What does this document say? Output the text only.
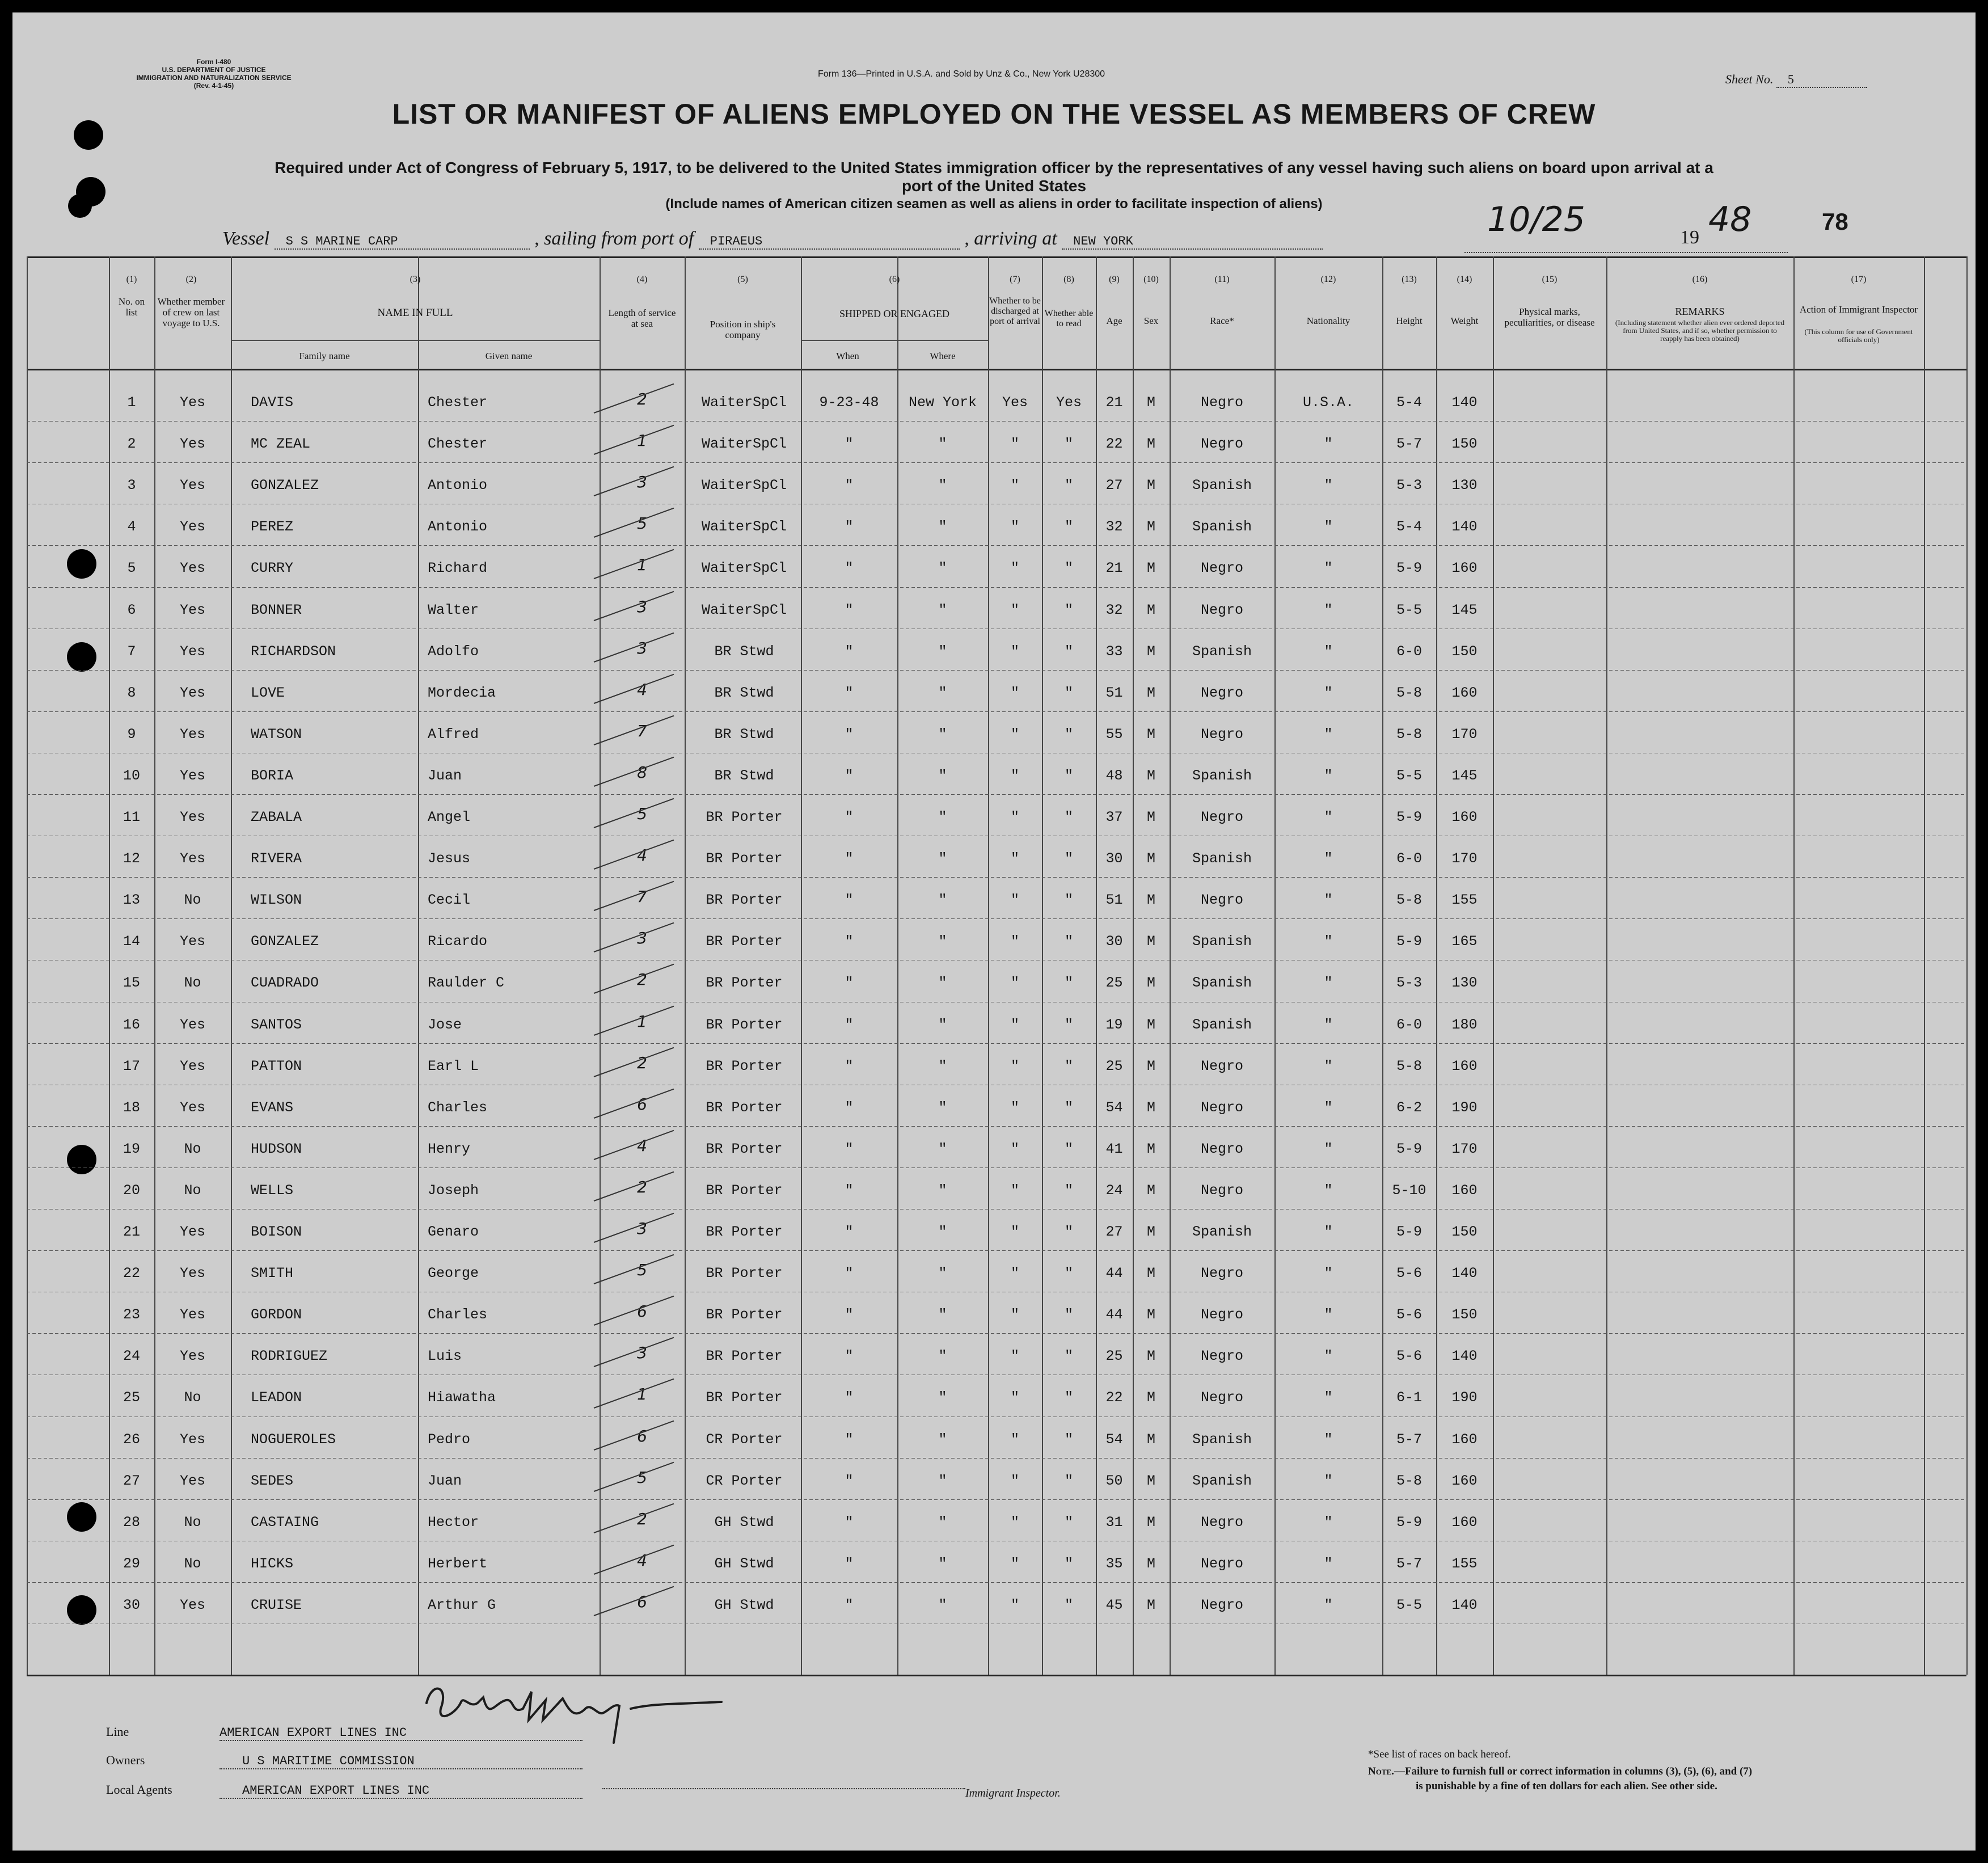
Form I-480
U.S. DEPARTMENT OF JUSTICE
IMMIGRATION AND NATURALIZATION SERVICE
(Rev. 4-1-45)
Form 136—Printed in U.S.A. and Sold by Unz & Co., New York U28300	Sheet No. 5
LIST OR MANIFEST OF ALIENS EMPLOYED ON THE VESSEL AS MEMBERS OF CREW
Required under Act of Congress of February 5, 1917, to be delivered to the United States immigration officer by the representatives of any vessel having such aliens on board upon arrival at a
port of the United States
(Include names of American citizen seamen as well as aliens in order to facilitate inspection of aliens)
78
Vessel S S MARINE CARP	, sailing from port of PIRAEUS	, arriving at NEW YORK
10/25	19 48
(1)	(2)	(3)	(4)	(5)	(6)	(7)	(8)	(9)	(10)	(11)	(12)	(13)	(14)	(15)	(16)	(17)
No. on list
Whether member of crew on last voyage to U.S.
NAME IN FULL
Family name	Given name
Length of service at sea	Position in ship's company
SHIPPED OR ENGAGED
When	Where
Whether to be discharged at port of arrival
Whether able to read	Age	Sex	Race*	Nationality	Height	Weight
Physical marks, peculiarities, or disease
REMARKS
(Including statement whether alien ever ordered deported from United States, and if so, whether permission to reapply has been obtained)
Action of Immigrant Inspector
(This column for use of Government officials only)
1	Yes	DAVIS	Chester	2	WaiterSpCl	9-23-48	New York	Yes	Yes	21	M	Negro	U.S.A.	5-4	140
2	Yes	MC ZEAL	Chester	1	WaiterSpCl	"	"	"	"	22	M	Negro	"	5-7	150
3	Yes	GONZALEZ	Antonio	3	WaiterSpCl	"	"	"	"	27	M	Spanish	"	5-3	130
4	Yes	PEREZ	Antonio	5	WaiterSpCl	"	"	"	"	32	M	Spanish	"	5-4	140
5	Yes	CURRY	Richard	1	WaiterSpCl	"	"	"	"	21	M	Negro	"	5-9	160
6	Yes	BONNER	Walter	3	WaiterSpCl	"	"	"	"	32	M	Negro	"	5-5	145
7	Yes	RICHARDSON	Adolfo	3	BR Stwd	"	"	"	"	33	M	Spanish	"	6-0	150
8	Yes	LOVE	Mordecia	4	BR Stwd	"	"	"	"	51	M	Negro	"	5-8	160
9	Yes	WATSON	Alfred	7	BR Stwd	"	"	"	"	55	M	Negro	"	5-8	170
10	Yes	BORIA	Juan	8	BR Stwd	"	"	"	"	48	M	Spanish	"	5-5	145
11	Yes	ZABALA	Angel	5	BR Porter	"	"	"	"	37	M	Negro	"	5-9	160
12	Yes	RIVERA	Jesus	4	BR Porter	"	"	"	"	30	M	Spanish	"	6-0	170
13	No	WILSON	Cecil	7	BR Porter	"	"	"	"	51	M	Negro	"	5-8	155
14	Yes	GONZALEZ	Ricardo	3	BR Porter	"	"	"	"	30	M	Spanish	"	5-9	165
15	No	CUADRADO	Raulder C	2	BR Porter	"	"	"	"	25	M	Spanish	"	5-3	130
16	Yes	SANTOS	Jose	1	BR Porter	"	"	"	"	19	M	Spanish	"	6-0	180
17	Yes	PATTON	Earl L	2	BR Porter	"	"	"	"	25	M	Negro	"	5-8	160
18	Yes	EVANS	Charles	6	BR Porter	"	"	"	"	54	M	Negro	"	6-2	190
19	No	HUDSON	Henry	4	BR Porter	"	"	"	"	41	M	Negro	"	5-9	170
20	No	WELLS	Joseph	2	BR Porter	"	"	"	"	24	M	Negro	"	5-10	160
21	Yes	BOISON	Genaro	3	BR Porter	"	"	"	"	27	M	Spanish	"	5-9	150
22	Yes	SMITH	George	5	BR Porter	"	"	"	"	44	M	Negro	"	5-6	140
23	Yes	GORDON	Charles	6	BR Porter	"	"	"	"	44	M	Negro	"	5-6	150
24	Yes	RODRIGUEZ	Luis	3	BR Porter	"	"	"	"	25	M	Negro	"	5-6	140
25	No	LEADON	Hiawatha	1	BR Porter	"	"	"	"	22	M	Negro	"	6-1	190
26	Yes	NOGUEROLES	Pedro	6	CR Porter	"	"	"	"	54	M	Spanish	"	5-7	160
27	Yes	SEDES	Juan	5	CR Porter	"	"	"	"	50	M	Spanish	"	5-8	160
28	No	CASTAING	Hector	2	GH Stwd	"	"	"	"	31	M	Negro	"	5-9	160
29	No	HICKS	Herbert	4	GH Stwd	"	"	"	"	35	M	Negro	"	5-7	155
30	Yes	CRUISE	Arthur G	6	GH Stwd	"	"	"	"	45	M	Negro	"	5-5	140
Line	AMERICAN EXPORT LINES INC
Owners	U S MARITIME COMMISSION
Local Agents	AMERICAN EXPORT LINES INC	Immigrant Inspector.
*See list of races on back hereof.
Note.—Failure to furnish full or correct information in columns (3), (5), (6), and (7)
is punishable by a fine of ten dollars for each alien. See other side.
